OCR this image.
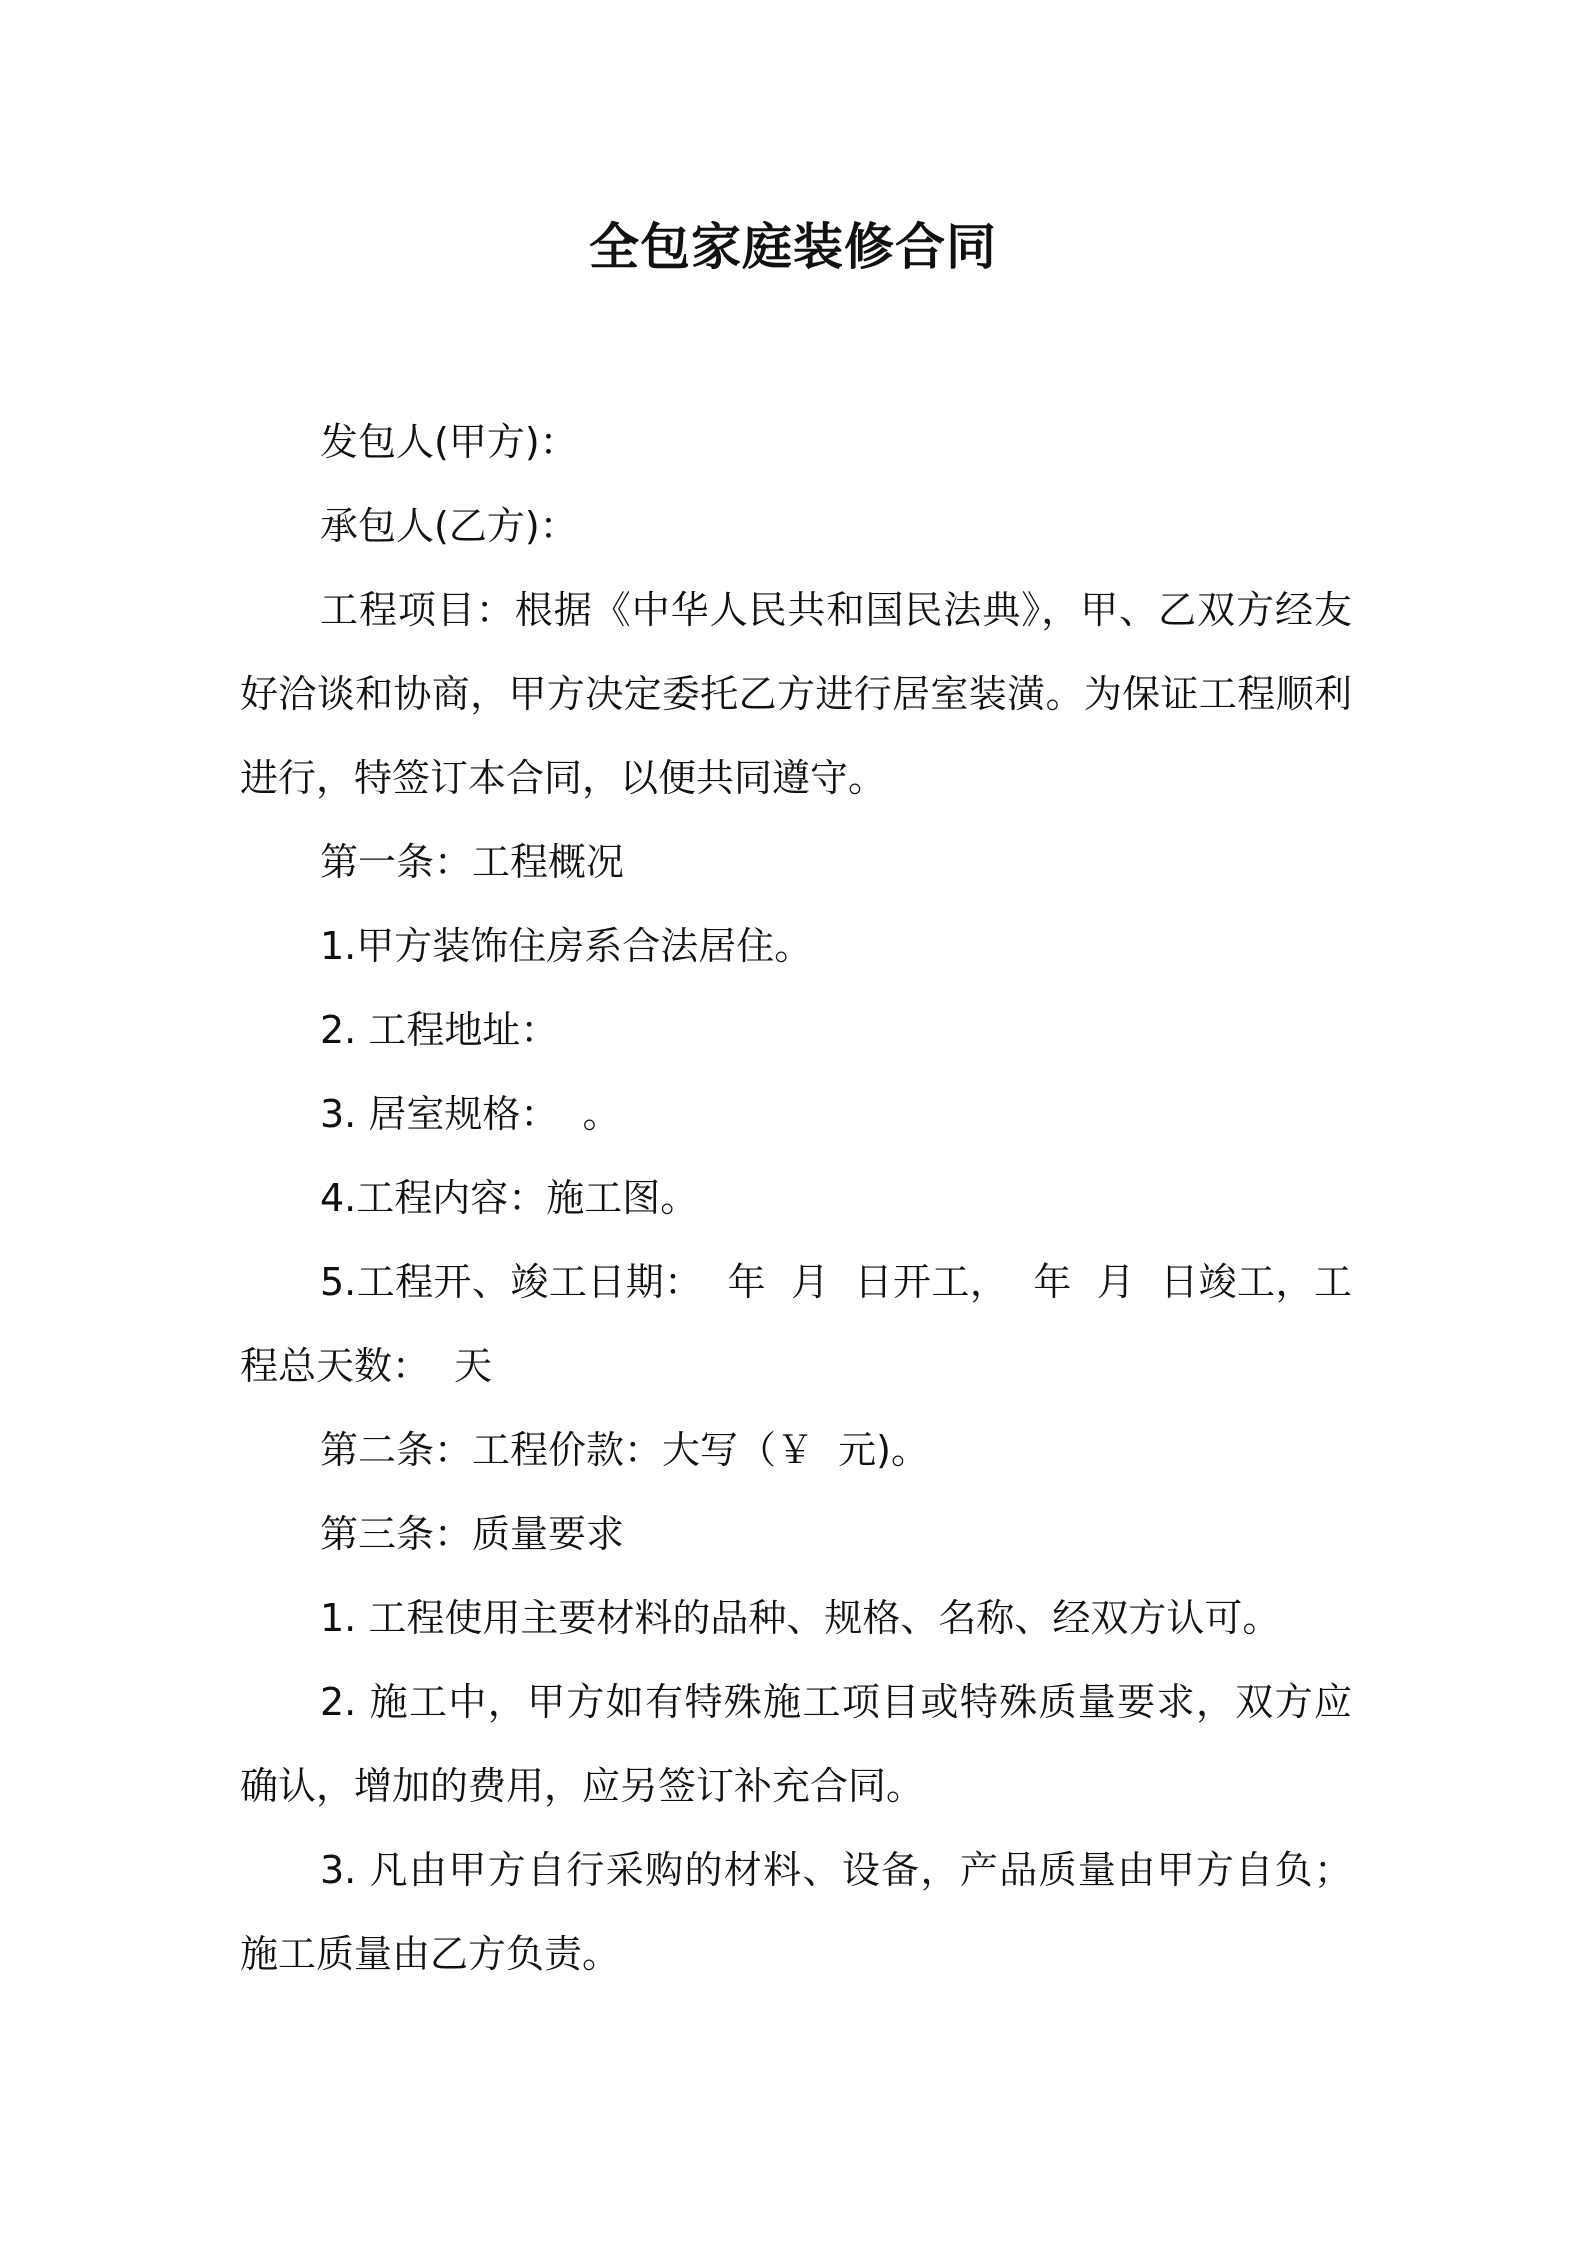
全包家庭装修合同

发包人(甲方)：

承包人(乙方)：

工程项目：根据《中华人民共和国民法典》，甲、乙双方经友好洽谈和协商，甲方决定委托乙方进行居室装潢。为保证工程顺利进行，特签订本合同，以便共同遵守。

第一条：工程概况

1.甲方装饰住房系合法居住。

2. 工程地址：

3. 居室规格：  。

4.工程内容：施工图。

5.工程开、竣工日期：  年  月  日开工，  年  月  日竣工，工程总天数：  天

第二条：工程价款：大写（￥  元)。

第三条：质量要求

1. 工程使用主要材料的品种、规格、名称、经双方认可。

2. 施工中，甲方如有特殊施工项目或特殊质量要求，双方应确认，增加的费用，应另签订补充合同。

3. 凡由甲方自行采购的材料、设备，产品质量由甲方自负；施工质量由乙方负责。
